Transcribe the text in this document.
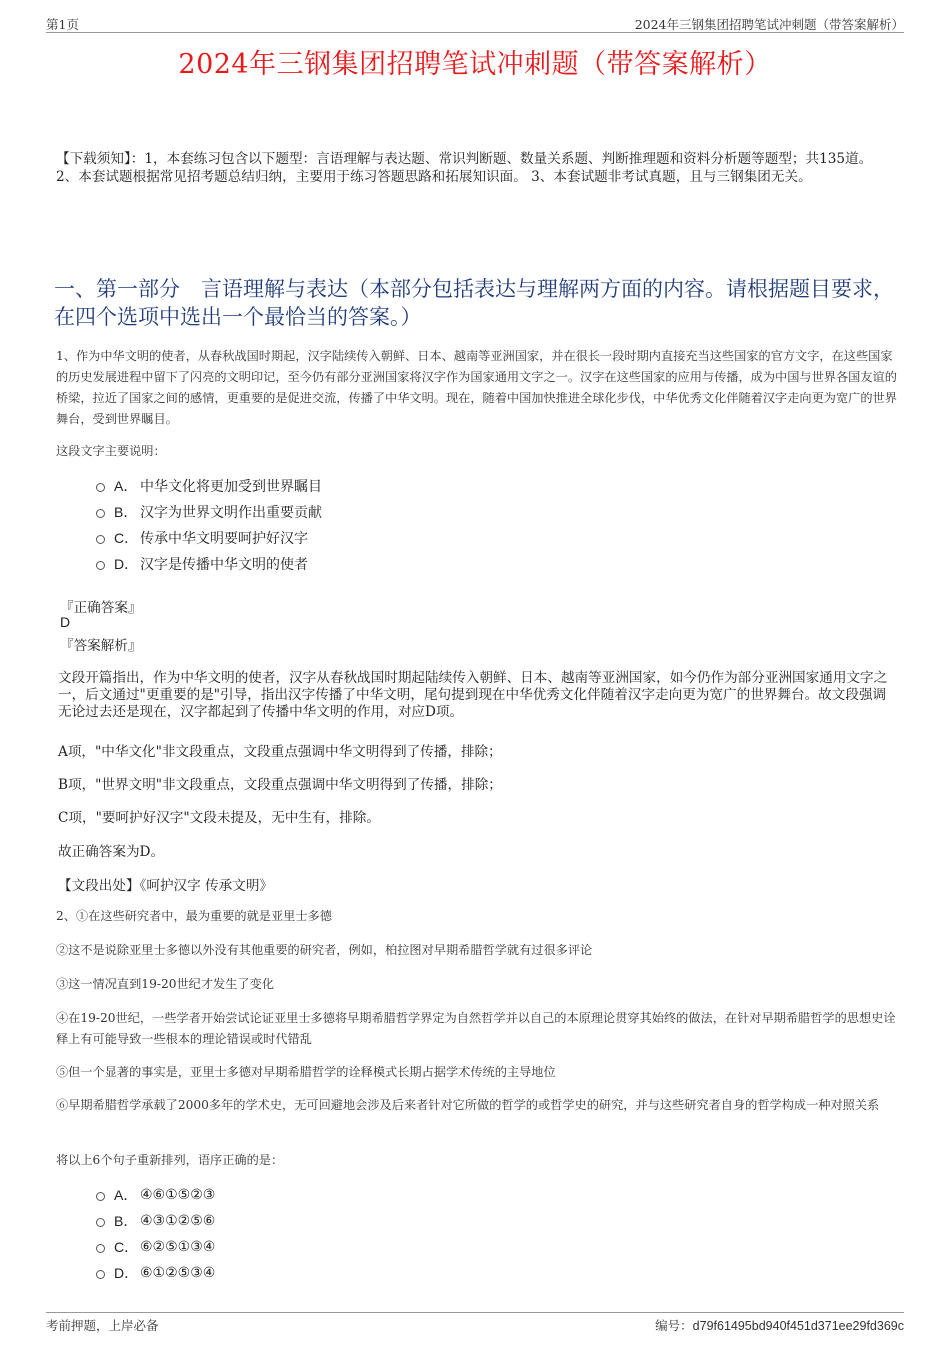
第1页	2024年三钢集团招聘笔试冲刺题（带答案解析）
2024年三钢集团招聘笔试冲刺题（带答案解析）
【下载须知】：1，本套练习包含以下题型：言语理解与表达题、常识判断题、数量关系题、判断推理题和资料分析题等题型；共135道。 2、本套试题根据常见招考题总结归纳，主要用于练习答题思路和拓展知识面。 3、本套试题非考试真题，且与三钢集团无关。
一、第一部分　言语理解与表达（本部分包括表达与理解两方面的内容。请根据题目要求，在四个选项中选出一个最恰当的答案。）
1、作为中华文明的使者，从春秋战国时期起，汉字陆续传入朝鲜、日本、越南等亚洲国家，并在很长一段时期内直接充当这些国家的官方文字，在这些国家的历史发展进程中留下了闪亮的文明印记，至今仍有部分亚洲国家将汉字作为国家通用文字之一。汉字在这些国家的应用与传播，成为中国与世界各国友谊的桥梁，拉近了国家之间的感情，更重要的是促进交流，传播了中华文明。现在，随着中国加快推进全球化步伐，中华优秀文化伴随着汉字走向更为宽广的世界舞台，受到世界瞩目。
这段文字主要说明：
A． 中华文化将更加受到世界瞩目
B． 汉字为世界文明作出重要贡献
C． 传承中华文明要呵护好汉字
D． 汉字是传播中华文明的使者
『正确答案』
D
『答案解析』
文段开篇指出，作为中华文明的使者，汉字从春秋战国时期起陆续传入朝鲜、日本、越南等亚洲国家，如今仍作为部分亚洲国家通用文字之一，后文通过"更重要的是"引导，指出汉字传播了中华文明，尾句提到现在中华优秀文化伴随着汉字走向更为宽广的世界舞台。故文段强调无论过去还是现在，汉字都起到了传播中华文明的作用，对应D项。
A项，"中华文化"非文段重点，文段重点强调中华文明得到了传播，排除；
B项，"世界文明"非文段重点，文段重点强调中华文明得到了传播，排除；
C项，"要呵护好汉字"文段未提及，无中生有，排除。
故正确答案为D。
【文段出处】《呵护汉字 传承文明》
2、①在这些研究者中，最为重要的就是亚里士多德
②这不是说除亚里士多德以外没有其他重要的研究者，例如，柏拉图对早期希腊哲学就有过很多评论
③这一情况直到19-20世纪才发生了变化
④在19-20世纪，一些学者开始尝试论证亚里士多德将早期希腊哲学界定为自然哲学并以自己的本原理论贯穿其始终的做法，在针对早期希腊哲学的思想史诠释上有可能导致一些根本的理论错误或时代错乱
⑤但一个显著的事实是，亚里士多德对早期希腊哲学的诠释模式长期占据学术传统的主导地位
⑥早期希腊哲学承载了2000多年的学术史，无可回避地会涉及后来者针对它所做的哲学的或哲学史的研究，并与这些研究者自身的哲学构成一种对照关系
将以上6个句子重新排列，语序正确的是：
A． ④⑥①⑤②③
B． ④③①②⑤⑥
C． ⑥②⑤①③④
D． ⑥①②⑤③④
考前押题，上岸必备	编号：d79f61495bd940f451d371ee29fd369c
